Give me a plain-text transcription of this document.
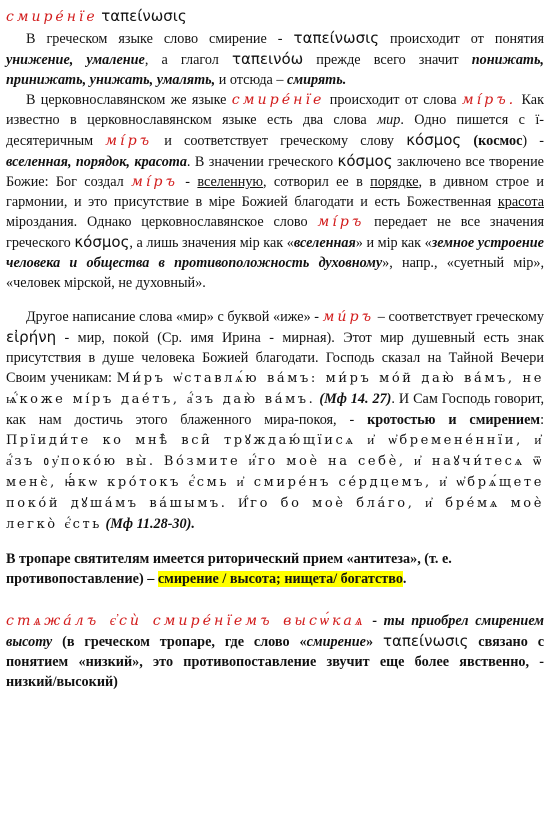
смире́нїе ταπείνωσις

В греческом языке слово смирение - ταπείνωσις происходит от понятия унижение, умаление, а глагол ταπεινόω прежде всего значит понижать, принижать, унижать, умалять, и отсюда – смирять.

В церковнославянском же языке смире́нїе происходит от слова мі́ръ. Как известно в церковнославянском языке есть два слова мир. Одно пишется с ї-десятеричным мі́ръ и соответствует греческому слову κόσμος (космос) - вселенная, порядок, красота. В значении греческого κόσμος заключено все творение Божие: Бог создал мі́ръ - вселенную, сотворил ее в порядке, в дивном строе и гармонии, и это присутствие в міре Божией благодати и есть Божественная красота міроздания. Однако церковнославянское слово мі́ръ передает не все значения греческого κόσμος, а лишь значения мір как «вселенная» и мір как «земное устроение человека и общества в противоположность духовному», напр., «суетный мір», «человек мірской, не духовный».

Другое написание слова «мир» с буквой «иже» - ми́ръ – соответствует греческому εἰρήνη - мир, покой (Ср. имя Ирина - мирная). Этот мир душевный есть знак присутствия в душе человека Божией благодати. Господь сказал на Тайной Вечери Своим ученикам: Ми́ръ ѡ҆ставлѧ́ю ва́мъ: ми́ръ мо́й даю̀ ва́мъ, не ѩ҆́коже мі́ръ дае́тъ, а҆́зъ даю̀ ва́мъ. (Мф 14. 27). И Сам Господь говорит, как нам достичь этого блаженного мира-покоя, - кротостью и смирением: Прїиди́те ко мнѣ̀ вси̑ трꙋждаю́щїисѧ и҆ ѡ҆бремене́ннїи, и҆ а҆́зъ ᲂу҆поко́ю вы̀. Во́змите и҆́го моѐ на себѐ, и҆ наꙋчи́тесѧ ѿ менє̀, ꙗ҆́кѡ кро́токъ є҆́смь и҆ смире́нъ се́рдцемъ, и҆ ѡ҆брѧ́щете поко́й дꙋша́мъ ва́шымъ. И҆́го бо моѐ бла́го, и҆ бре́мѧ моѐ легко̀ є҆́сть (Мф 11.28-30).

В тропаре святителям имеется риторический прием «антитеза», (т. е. противопоставление) – смирение / высота; нищета/ богатство.

стѧжа́лъ є҆сѝ смире́нїемъ высѡ́каѧ - ты приобрел смирением высоту (в греческом тропаре, где слово «смирение» ταπείνωσις связано с понятием «низкий», это противопоставление звучит еще более явственно, - низкий/высокий)
